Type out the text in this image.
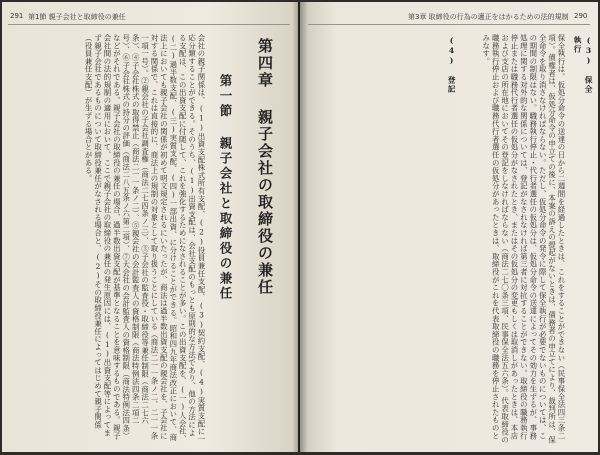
291 第1節 親子会社と取締役の兼任
第四章 親子会社の取締役の兼任
第一節 親子会社と取締役の兼任
会社の親子関係は、(1)出資支配株式所有支配、(2)役員兼任支配、(3)契約支配、(4)実質支配に一応分類することができる。そのうち、(1)出資支配は、会社支配のもっとも原則的な方法であり、他の方法による支配は、この出資支配に付随して、これを強化するためになされることが多い。この出資支配を、(一)人会社、(二)過半数支配、(三)実質支配、(四)一部出資、に分けることができる。昭和四九年商法改正において、商法上においても親子会社の関係が初めて明文規定されるにいたったが、商法は過半数出資支配の親会社を、子会社に対する関係で、これは直接的に、商法上の規制の対象として取り扱うことにしている（商法二一一条ノ二、二一一条一項一号）。②親会社の子会社調査権（商法二七四条ノ三）、③子会社の監査役・取締役等兼任制限（商法二七六条）、④子会社株式の取得禁止（商法二一一条ノ二）、⑤親会社の会計監査人の資格制限（商法特例法四条二項二号）、⑥子会社株式の持分の評価（商法二八五条ノ六第二項）、⑦大会社の会計監査人の資格制限（商法特例法四条）などがそれである。親子会社の取締役の兼任の場合、過半数出資支配が基準となることを意味するものである。親子会社間の法的規制の適用において、ここで親子会社の取締役の兼任の発生原因には、(1)出資支配等によってまず親子会社であるものについて取締役兼任がなされる場合と、(2)その取締役兼任によってはじめて親子関係（役員兼任支配）が生ずる場合とがある。
第3章 取締役の行為の適正をはかるための法的規制 290
(3) 保全執行
(4) 登記	保全執行は、仮処分命令の送達の日から二週間を経過したときは、これをすることができない（民事保全法四三条二項）。債権者は、仮処分命令の申立ての後に、本案の訴えの提起がないときは、債務者の申立てにより、裁判所は、保全命令を取り消さなければならない。ただし、仮処分命令の発令に際して保全執行が必要でないものについては、この期間の制限はない。職務執行停止・代行者選任の仮処分は、仮処分命令の送達によってその効力を生ずるが、事務処理に関する対外的な関係については、登記がなされなければ第三者に対抗することができない。取締役の職務執行停止または職務代行者選任の仮処分がなされたとき、またはその仮処分の変更もしくは取消しがあったときは、本店および支店の所在地においてその登記をしなければならない（商法二七〇条三項、民事保全法五六条）。代表取締役の職務執行停止および職務代行者選任の仮処分があったときは、取締役がこれを代表取締役の職務を停止されたものとみなす。
